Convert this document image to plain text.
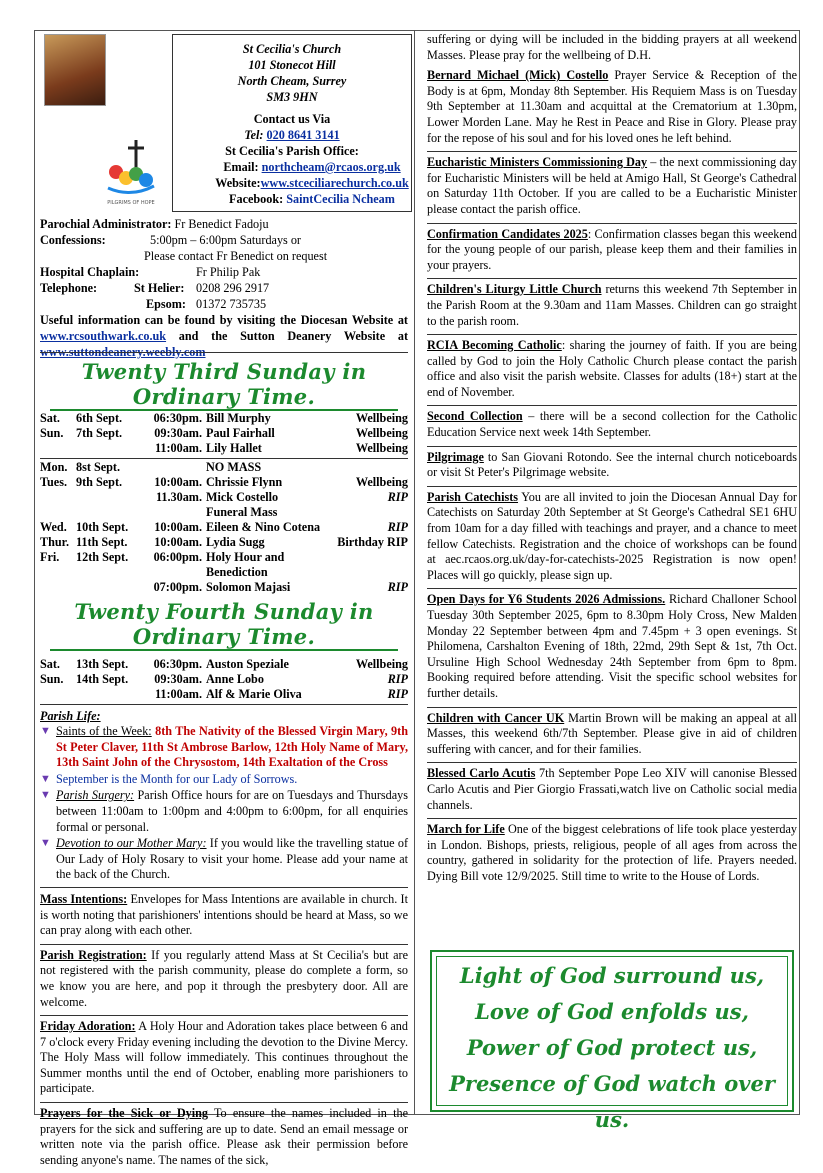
PILGRIMS OF HOPE
St Cecilia's Church
101 Stonecot Hill
North Cheam, Surrey
SM3 9HN
Contact us Via
Tel: 020 8641 3141
St Cecilia's Parish Office:
Email: northcheam@rcaos.org.uk
Website:www.stceciliarechurch.co.uk
Facebook: SaintCecilia Ncheam
Parochial Administrator: Fr Benedict Fadoju
Confessions:	5:00pm – 6:00pm Saturdays or
Please contact Fr Benedict on request
Hospital Chaplain:	Fr Philip Pak
Telephone:	St Helier: 0208 296 2917
Epsom: 01372 735735
Useful information can be found by visiting the Diocesan Website at www.rcsouthwark.co.uk and the Sutton Deanery Website at www.suttondeanery.weebly.com
Twenty Third Sunday in Ordinary Time.
Sat.	6th Sept.	06:30pm.	Bill Murphy	Wellbeing
Sun.	7th Sept.	09:30am.	Paul Fairhall	Wellbeing
		11:00am.	Lily Hallet	Wellbeing
Mon.	8st Sept.		NO MASS	
Tues.	9th Sept.	10:00am.	Chrissie Flynn	Wellbeing
		11.30am.	Mick Costello Funeral Mass	RIP
Wed.	10th Sept.	10:00am.	Eileen & Nino Cotena	RIP
Thur.	11th Sept.	10:00am.	Lydia Sugg	Birthday RIP
Fri.	12th Sept.	06:00pm.	Holy Hour and Benediction	
		07:00pm.	Solomon Majasi	RIP
Twenty Fourth Sunday in Ordinary Time.
Sat.	13th Sept.	06:30pm.	Auston Speziale	Wellbeing
Sun.	14th Sept.	09:30am.	Anne Lobo	RIP
		11:00am.	Alf & Marie Oliva	RIP
Parish Life:
▼ Saints of the Week: 8th The Nativity of the Blessed Virgin Mary, 9th St Peter Claver, 11th St Ambrose Barlow, 12th Holy Name of Mary, 13th Saint John of the Chrysostom, 14th Exaltation of the Cross
▼ September is the Month for our Lady of Sorrows.
▼ Parish Surgery: Parish Office hours for are on Tuesdays and Thursdays between 11:00am to 1:00pm and 4:00pm to 6:00pm, for all enquiries formal or personal.
▼ Devotion to our Mother Mary: If you would like the travelling statue of Our Lady of Holy Rosary to visit your home. Please add your name at the back of the Church.

Mass Intentions: Envelopes for Mass Intentions are available in church. It is worth noting that parishioners' intentions should be heard at Mass, so we can pray along with each other.

Parish Registration: If you regularly attend Mass at St Cecilia's but are not registered with the parish community, please do complete a form, so we know you are here, and pop it through the presbytery door. All are welcome.

Friday Adoration: A Holy Hour and Adoration takes place between 6 and 7 o'clock every Friday evening including the devotion to the Divine Mercy. The Holy Mass will follow immediately. This continues throughout the Summer months until the end of October, enabling more parishioners to participate.

Prayers for the Sick or Dying To ensure the names included in the prayers for the sick and suffering are up to date. Send an email message or written note via the parish office. Please ask their permission before sending anyone's name. The names of the sick,

suffering or dying will be included in the bidding prayers at all weekend Masses. Please pray for the wellbeing of D.H.

Bernard Michael (Mick) Costello Prayer Service & Reception of the Body is at 6pm, Monday 8th September. His Requiem Mass is on Tuesday 9th September at 11.30am and acquittal at the Crematorium at 1.30pm, Lower Morden Lane. May he Rest in Peace and Rise in Glory. Please pray for the repose of his soul and for his loved ones he left behind.

Eucharistic Ministers Commissioning Day – the next commissioning day for Eucharistic Ministers will be held at Amigo Hall, St George's Cathedral on Saturday 11th October. If you are called to be a Eucharistic Minister please contact the parish office.

Confirmation Candidates 2025: Confirmation classes began this weekend for the young people of our parish, please keep them and their families in your prayers.

Children's Liturgy Little Church returns this weekend 7th September in the Parish Room at the 9.30am and 11am Masses. Children can go straight to the parish room.

RCIA Becoming Catholic: sharing the journey of faith. If you are being called by God to join the Holy Catholic Church please contact the parish office and also visit the parish website. Classes for adults (18+) start at the end of November.

Second Collection – there will be a second collection for the Catholic Education Service next week 14th September.

Pilgrimage to San Giovani Rotondo. See the internal church noticeboards or visit St Peter's Pilgrimage website.

Parish Catechists You are all invited to join the Diocesan Annual Day for Catechists on Saturday 20th September at St George's Cathedral SE1 6HU from 10am for a day filled with teachings and prayer, and a chance to meet fellow Catechists. Registration and the choice of workshops can be found at aec.rcaos.org.uk/day-for-catechists-2025 Registration is now open! Places will go quickly, please sign up.

Open Days for Y6 Students 2026 Admissions. Richard Challoner School Tuesday 30th September 2025, 6pm to 8.30pm Holy Cross, New Malden Monday 22 September between 4pm and 7.45pm + 3 open evenings. St Philomena, Carshalton Evening of 18th, 22md, 29th Sept & 1st, 7th Oct. Ursuline High School Wednesday 24th September from 6pm to 8pm. Booking required before attending. Visit the specific school websites for further details.

Children with Cancer UK Martin Brown will be making an appeal at all Masses, this weekend 6th/7th September. Please give in aid of children suffering with cancer, and for their families.

Blessed Carlo Acutis 7th September Pope Leo XIV will canonise Blessed Carlo Acutis and Pier Giorgio Frassati,watch live on Catholic social media channels.

March for Life One of the biggest celebrations of life took place yesterday in London. Bishops, priests, religious, people of all ages from across the country, gathered in solidarity for the protection of life. Prayers needed. Dying Bill vote 12/9/2025. Still time to write to the House of Lords.

Light of God surround us,
Love of God enfolds us,
Power of God protect us,
Presence of God watch over us.
